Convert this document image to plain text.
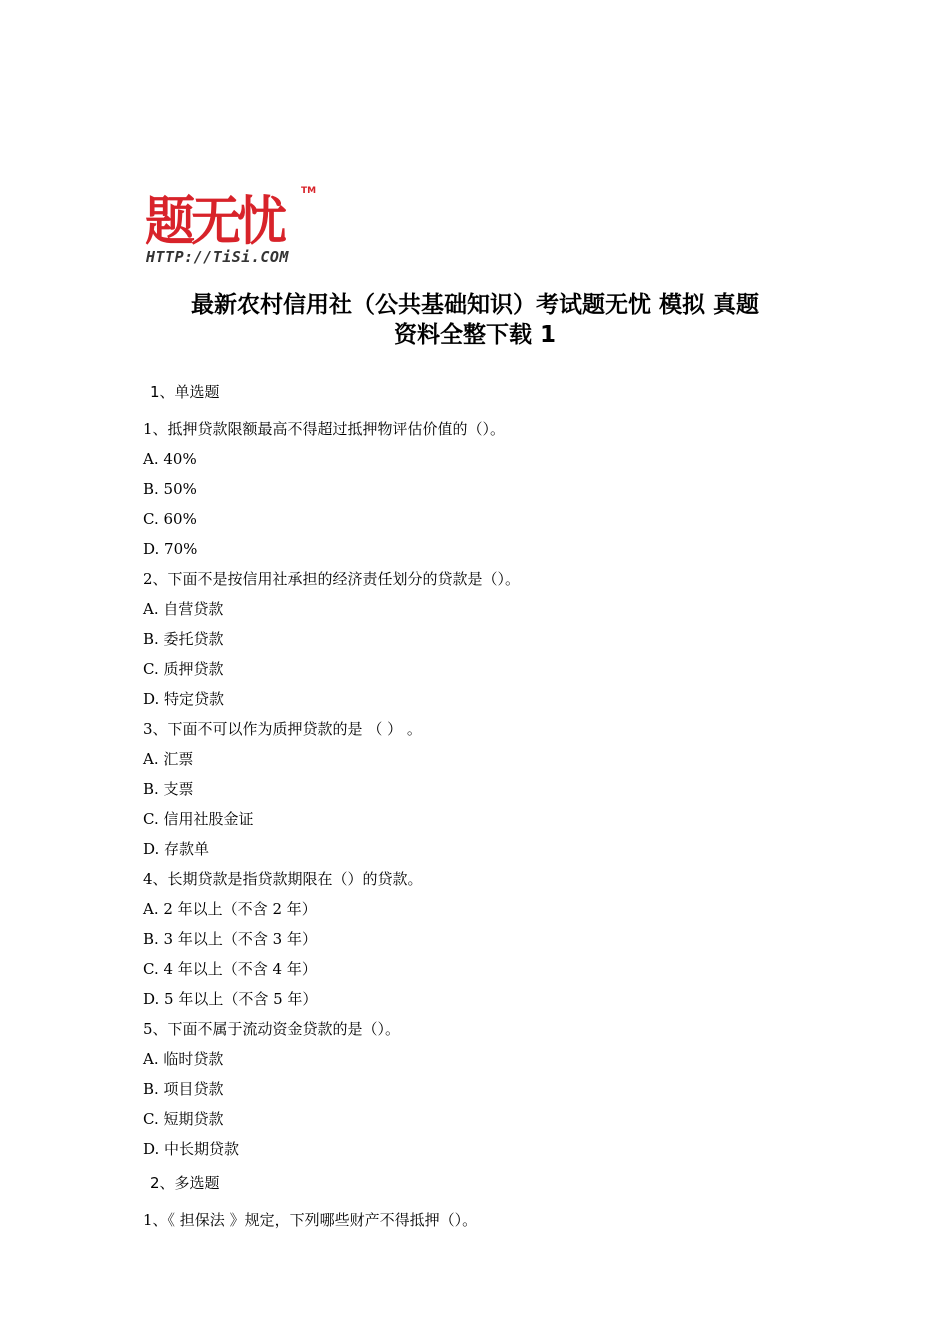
题无忧 TM
HTTP://TiSi.COM
最新农村信用社（公共基础知识）考试题无忧 模拟 真题
资料全整下载 1
1、单选题
1、抵押贷款限额最高不得超过抵押物评估价值的（）。
A. 40%
B. 50%
C. 60%
D. 70%
2、下面不是按信用社承担的经济责任划分的贷款是（）。
A. 自营贷款
B. 委托贷款
C. 质押贷款
D. 特定贷款
3、下面不可以作为质押贷款的是 （ ） 。
A. 汇票
B. 支票
C. 信用社股金证
D. 存款单
4、长期贷款是指贷款期限在（）的贷款。
A. 2 年以上（不含 2 年）
B. 3 年以上（不含 3 年）
C. 4 年以上（不含 4 年）
D. 5 年以上（不含 5 年）
5、下面不属于流动资金贷款的是（）。
A. 临时贷款
B. 项目贷款
C. 短期贷款
D. 中长期贷款
2、多选题
1、《 担保法 》规定，下列哪些财产不得抵押（）。
